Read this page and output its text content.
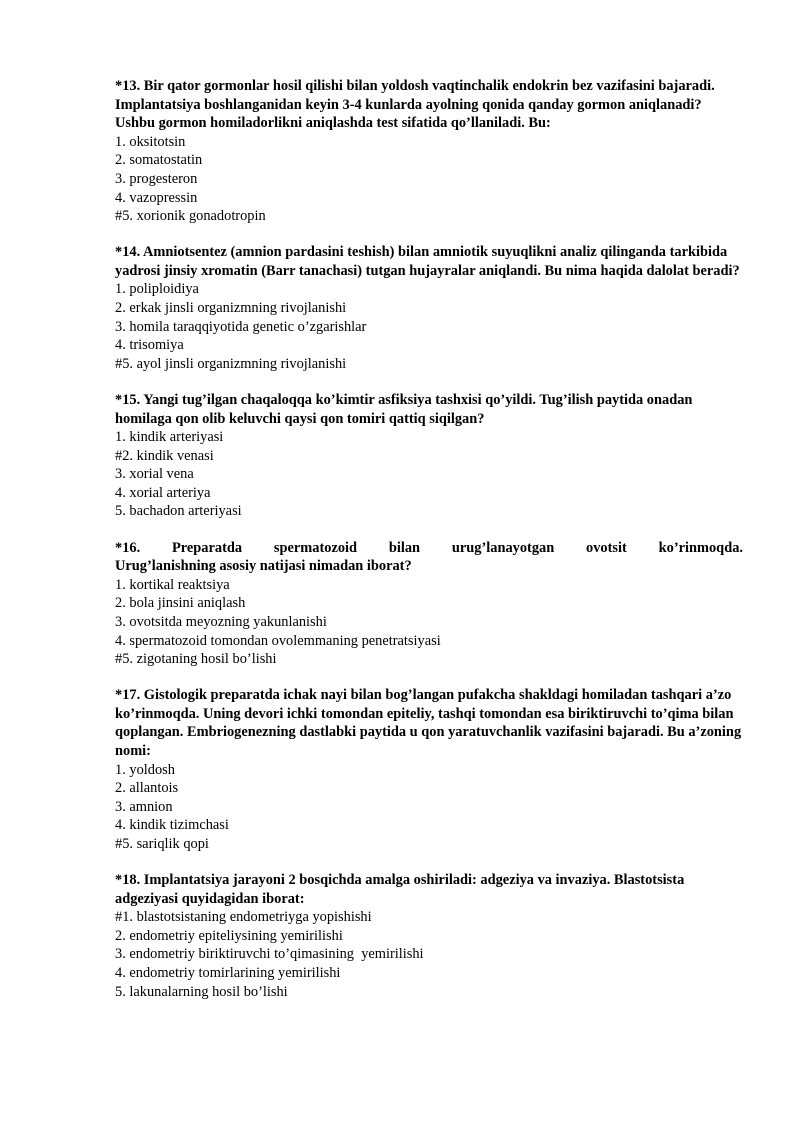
*13. Bir qator gormonlar hosil qilishi bilan yoldosh vaqtinchalik endokrin bez vazifasini bajaradi. Implantatsiya boshlanganidan keyin 3-4 kunlarda ayolning qonida qanday gormon aniqlanadi? Ushbu gormon homiladorlikni aniqlashda test sifatida qo’llaniladi. Bu:

1. oksitotsin

2. somatostatin

3. progesteron

4. vazopressin

#5. xorionik gonadotropin

*14. Amniotsentez (amnion pardasini teshish) bilan amniotik suyuqlikni analiz qilinganda tarkibida yadrosi jinsiy xromatin (Barr tanachasi) tutgan hujayralar aniqlandi. Bu nima haqida dalolat beradi?

1. poliploidiya

2. erkak jinsli organizmning rivojlanishi

3. homila taraqqiyotida genetic o’zgarishlar

4. trisomiya

#5. ayol jinsli organizmning rivojlanishi

*15. Yangi tug’ilgan chaqaloqqa ko’kimtir asfiksiya tashxisi qo’yildi. Tug’ilish paytida onadan homilaga qon olib keluvchi qaysi qon tomiri qattiq siqilgan?

1. kindik arteriyasi

#2. kindik venasi

3. xorial vena

4. xorial arteriya

5. bachadon arteriyasi

*16. Preparatda spermatozoid bilan urug’lanayotgan ovotsit ko’rinmoqda.

Urug’lanishning asosiy natijasi nimadan iborat?

1. kortikal reaktsiya

2. bola jinsini aniqlash

3. ovotsitda meyozning yakunlanishi

4. spermatozoid tomondan ovolemmaning penetratsiyasi

#5. zigotaning hosil bo’lishi

*17. Gistologik preparatda ichak nayi bilan bog’langan pufakcha shakldagi homiladan tashqari a’zo ko’rinmoqda. Uning devori ichki tomondan epiteliy, tashqi tomondan esa biriktiruvchi to’qima bilan qoplangan. Embriogenezning dastlabki paytida u qon yaratuvchanlik vazifasini bajaradi. Bu a’zoning nomi:

1. yoldosh

2. allantois

3. amnion

4. kindik tizimchasi

#5. sariqlik qopi

*18. Implantatsiya jarayoni 2 bosqichda amalga oshiriladi: adgeziya va invaziya. Blastotsista adgeziyasi quyidagidan iborat:

#1. blastotsistaning endometriyga yopishishi

2. endometriy epiteliysining yemirilishi

3. endometriy biriktiruvchi to’qimasining  yemirilishi

4. endometriy tomirlarining yemirilishi

5. lakunalarning hosil bo’lishi
